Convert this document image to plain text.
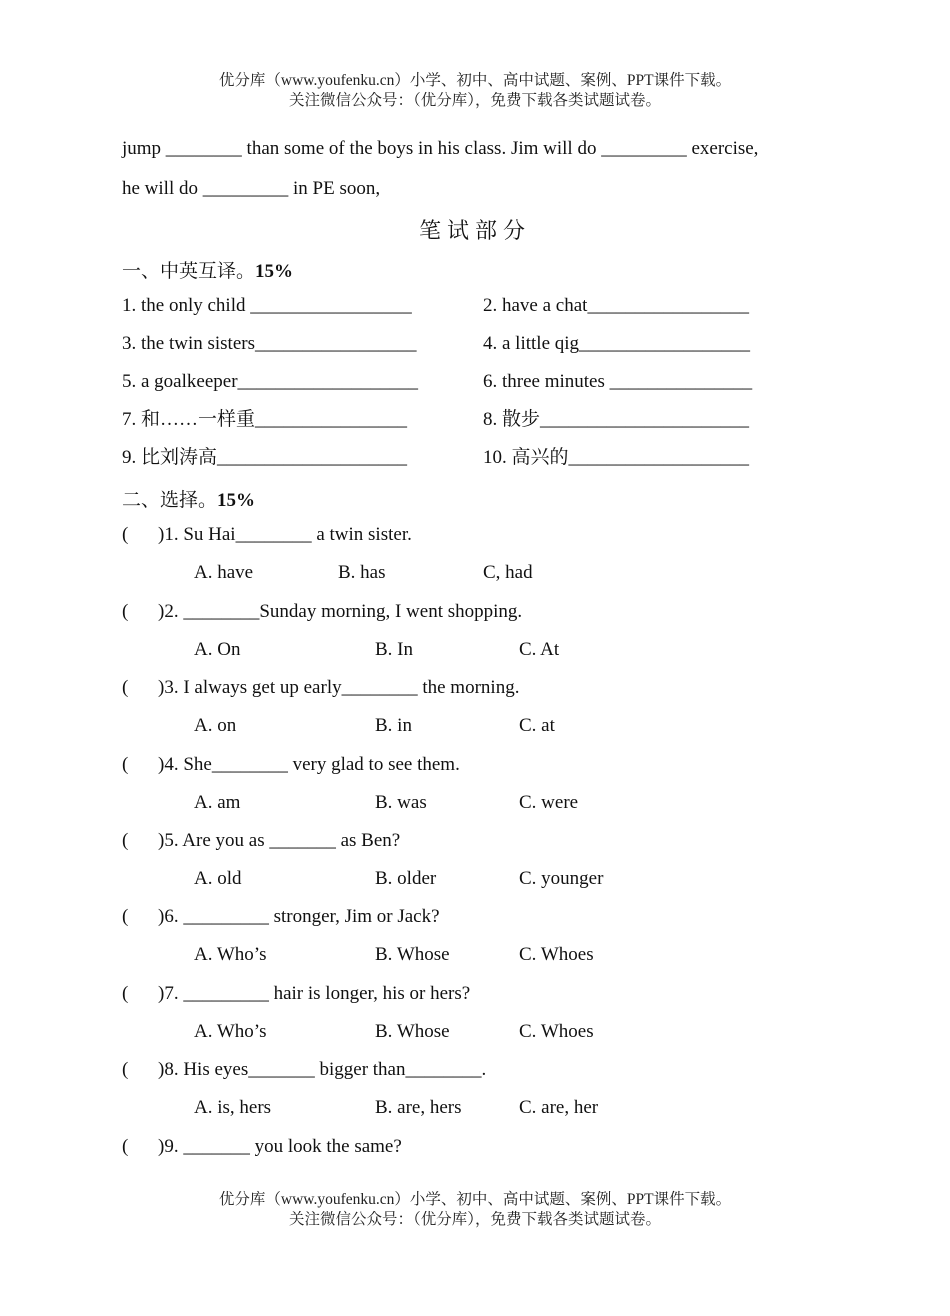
优分库（www.youfenku.cn）小学、初中、高中试题、案例、PPT课件下载。
关注微信公众号：（优分库），免费下载各类试题试卷。
jump ________ than some of the boys in his class. Jim will do _________ exercise,
he will do _________ in PE soon,
笔试部分
一、中英互译。15%
1. the only child _________________	2. have a chat_________________
3. the twin sisters_________________	4. a little qig__________________
5. a goalkeeper___________________	6. three minutes _______________
7. 和……一样重________________	8. 散步______________________
9. 比刘涛高____________________	10. 高兴的___________________
二、选择。15%
( )1. Su Hai________ a twin sister.
A. have	B. has	C, had
( )2. ________Sunday morning, I went shopping.
A. On	B. In	C. At
( )3. I always get up early________ the morning.
A. on	B. in	C. at
( )4. She________ very glad to see them.
A. am	B. was	C. were
( )5. Are you as _______ as Ben?
A. old	B. older	C. younger
( )6. _________ stronger, Jim or Jack?
A. Who’s	B. Whose	C. Whoes
( )7. _________ hair is longer, his or hers?
A. Who’s	B. Whose	C. Whoes
( )8. His eyes_______ bigger than________.
A. is, hers	B. are, hers	C. are, her
( )9. _______ you look the same?
优分库（www.youfenku.cn）小学、初中、高中试题、案例、PPT课件下载。
关注微信公众号：（优分库），免费下载各类试题试卷。
